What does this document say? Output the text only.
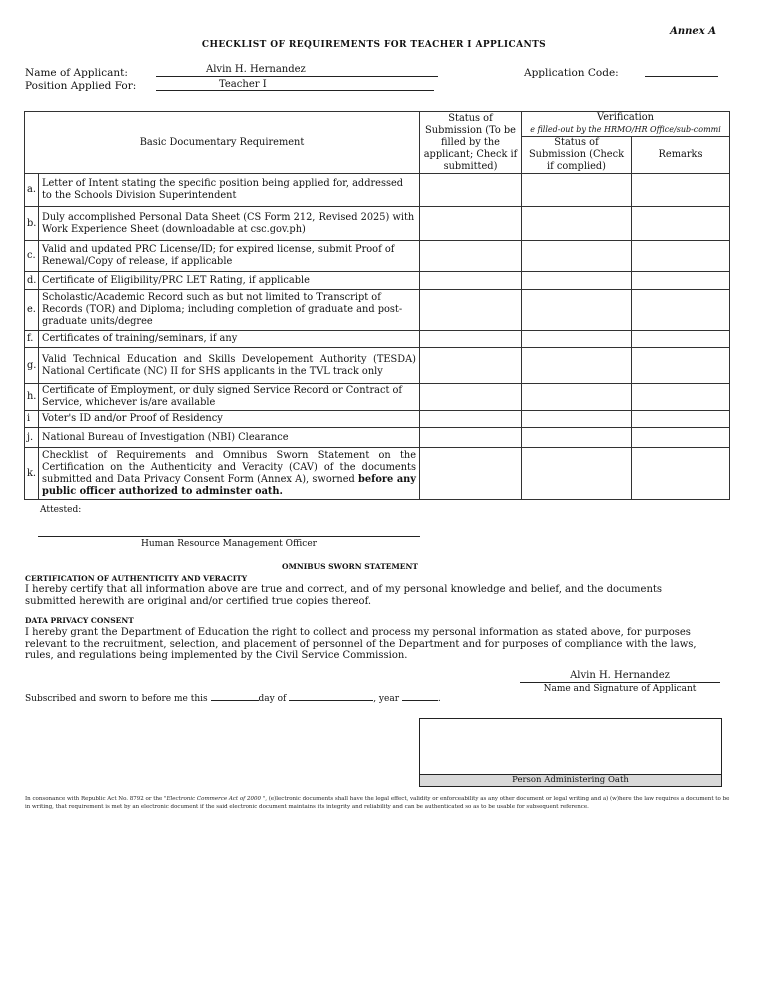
Annex A
CHECKLIST OF REQUIREMENTS FOR TEACHER I APPLICANTS
Name of Applicant:	Alvin H. Hernandez
Position Applied For:	Teacher I
Application Code:
Basic Documentary Requirement		Status of Submission (To be filled by the applicant; Check if submitted)	Verification
e filled-out by the HRMO/HR Office/sub-commi	

			Status of Submission (Check if complied)	Remarks
a.	Letter of Intent stating the specific position being applied for, addressed to the Schools Division Superintendent			
b.	Duly accomplished Personal Data Sheet (CS Form 212, Revised 2025) with Work Experience Sheet (downloadable at csc.gov.ph)			
c.	Valid and updated PRC License/ID; for expired license, submit Proof of Renewal/Copy of release, if applicable			
d.	Certificate of Eligibility/PRC LET Rating, if applicable			
e.	Scholastic/Academic Record such as but not limited to Transcript of Records (TOR) and Diploma; including completion of graduate and post-graduate units/degree			
f.	Certificates of training/seminars, if any			
g.	Valid Technical Education and Skills Developement Authority (TESDA) National Certificate (NC) II for SHS applicants in the TVL track only			
h.	Certificate of Employment, or duly signed Service Record or Contract of Service, whichever is/are available			
i	Voter's ID and/or Proof of Residency			
j.	National Bureau of Investigation (NBI) Clearance			
k.	Checklist of Requirements and Omnibus Sworn Statement on the Certification on the Authenticity and Veracity (CAV) of the documents submitted and Data Privacy Consent Form (Annex A), sworned before any public officer authorized to adminster oath.			
Attested:
Human Resource Management Officer
OMNIBUS SWORN STATEMENT
CERTIFICATION OF AUTHENTICITY AND VERACITY
I hereby certify that all information above are true and correct, and of my personal knowledge and belief, and the documents submitted herewith are original and/or certified true copies thereof.
DATA PRIVACY CONSENT
I hereby grant the Department of Education the right to collect and process my personal information as stated above, for purposes relevant to the recruitment, selection, and placement of personnel of the Department and for purposes of compliance with the laws, rules, and regulations being implemented by the Civil Service Commission.
Alvin H. Hernandez
Name and Signature of Applicant
Subscribed and sworn to before me this	day of	, year	.
Person Administering Oath
In consonance with Republic Act No. 8792 or the "Electronic Commerce Act of 2000 ", (e)lectronic documents shall have the legal effect, validity or enforceability as any other document or legal writing and a) (w)here the law requires a document to be in writing, that requirement is met by an electronic document if the said electronic document maintains its integrity and reliability and can be authenticated so as to be usable for subsequent reference.
